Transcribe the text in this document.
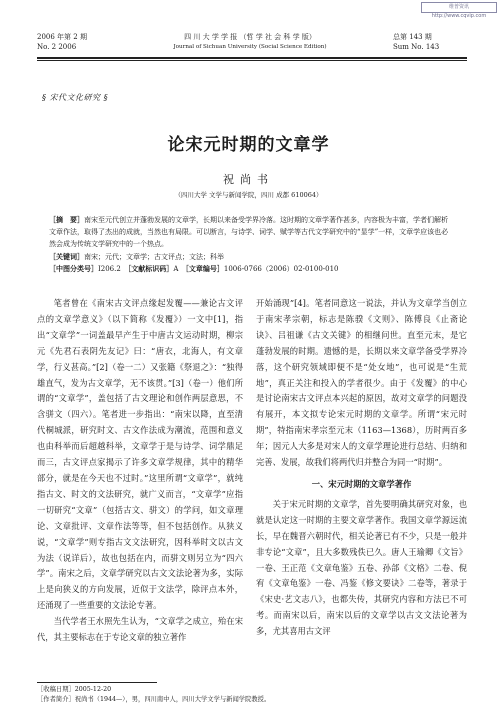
维普资讯 http://www.cqvip.com
2006 年第 2 期
No. 2 2006
四 川 大 学 学 报 （哲 学 社 会 科 学 版）
Journal of Sichuan University (Social Science Edition)
总第 143 期
Sum No. 143
§ 宋代文化研究 §
论宋元时期的文章学
祝尚书
（四川大学 文学与新闻学院，四川 成都 610064）

［摘　要］南宋至元代创立并蓬勃发展的文章学，长期以来备受学界冷落。这时期的文章学著作甚多，内容极为丰富，学者们解析文章作法，取得了杰出的成就，当然也有局限。可以断言，与诗学、词学、赋学等古代文学研究中的“显学”一样，文章学应该也必然会成为传统文学研究中的一个热点。

［关键词］南宋；元代；文章学；古文评点；文法；科举

［中图分类号］I206.2　 ［文献标识码］A　 ［文章编号］1006-0766（2006）02-0100-010

笔者曾在《南宋古文评点缘起发覆——兼论古文评点的文章学意义》（以下简称《发覆》）一文中[1]，指出“文章学”一词盖最早产生于中唐古文运动时期，柳宗元《先君石表阴先友记》曰：“唐衣，北海人，有文章学，行义甚高。”[2]（卷一二）又张籍《祭退之》：“独得雄直气，发为古文章学，无不该贯。”[3]（卷一）他们所谓的“文章学”，盖包括了古文理论和创作两层意思，不含骈文（四六）。笔者进一步指出：“南宋以降，直至清代桐城派，研究时文、古文作法成为潮流，范围和意义也由科举而后超越科举，文章学于是与诗学、词学鼎足而三，古文评点家揭示了许多文章学规律，其中的精华部分，就是在今天也不过时。”这里所谓“文章学”，就纯指古文、时文的文法研究，就广义而言，“文章学”应指一切研究“文章”（包括古文、骈文）的学问，如文章理论、文章批评、文章作法等等，但不包括创作。从狭义说，“文章学”则专指古文文法研究，因科举时文以古文为法（说详后），故也包括在内，而骈文则另立为“四六学”。南宋之后，文章学研究以古文文法论著为多，实际上是向狭义的方向发展，近似于文法学，除评点本外，还涌现了一些重要的文法论专著。

当代学者王水照先生认为，“文章学之成立，殆在宋代，其主要标志在于专论文章的独立著作

开始涌现”[4]。笔者同意这一说法，并认为文章学当创立于南宋孝宗朝，标志是陈骙《文则》、陈傅良《止斋论诀》、吕祖谦《古文关键》的相继问世。直至元末，是它蓬勃发展的时期。遗憾的是，长期以来文章学备受学界冷落，这个研究领域即便不是“处女地”，也可说是“生荒地”，真正关注和投入的学者很少。由于《发覆》的中心是讨论南宋古文评点本兴起的原因，故对文章学的问题没有展开，本文拟专论宋元时期的文章学。所谓“宋元时期”，特指南宋孝宗至元末（1163—1368），历时两百多年；因元人大多是对宋人的文章学理论进行总结、归纳和完善、发展，故我们将两代归并整合为同一“时期”。

一、宋元时期的文章学著作

关于宋元时期的文章学，首先要明确其研究对象，也就是认定这一时期的主要文章学著作。我国文章学源远流长，早在魏晋六朝时代，相关论著已有不少，只是一般并非专论“文章”，且大多数残佚已久。唐人王瑜卿《文旨》一卷、王正范《文章龟鉴》五卷、孙郃《文格》二卷、倪宥《文章龟鉴》一卷、冯鉴《修文要诀》二卷等，著录于《宋史·艺文志八》，也都失传，其研究内容和方法已不可考。而南宋以后，南宋以后的文章学以古文文法论著为多，尤其喜用古文评

［收稿日期］2005-12-20

［作者简介］祝尚书（1944—），男，四川南中人，四川大学文学与新闻学院教授。
